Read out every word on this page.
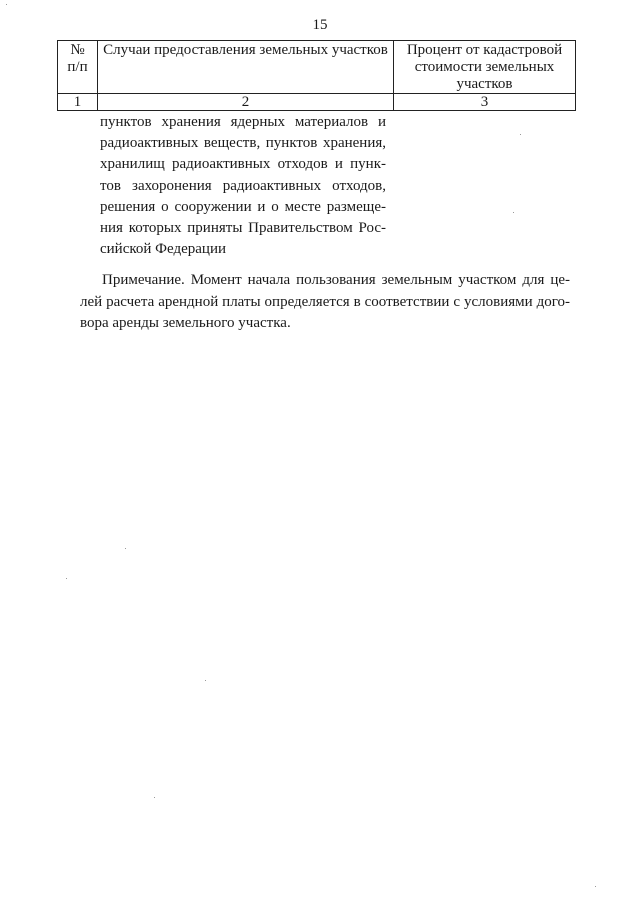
15
№
п/п	Случаи предоставления земельных участков	Процент от кадастровой стоимости земельных участков
1	2	3
пунктов хранения ядерных материалов и
радиоактивных веществ, пунктов хранения,
хранилищ радиоактивных отходов и пунк-
тов захоронения радиоактивных отходов,
решения о сооружении и о месте размеще-
ния которых приняты Правительством Рос-
сийской Федерации
Примечание. Момент начала пользования земельным участком для це-
лей расчета арендной платы определяется в соответствии с условиями дого-
вора аренды земельного участка.
